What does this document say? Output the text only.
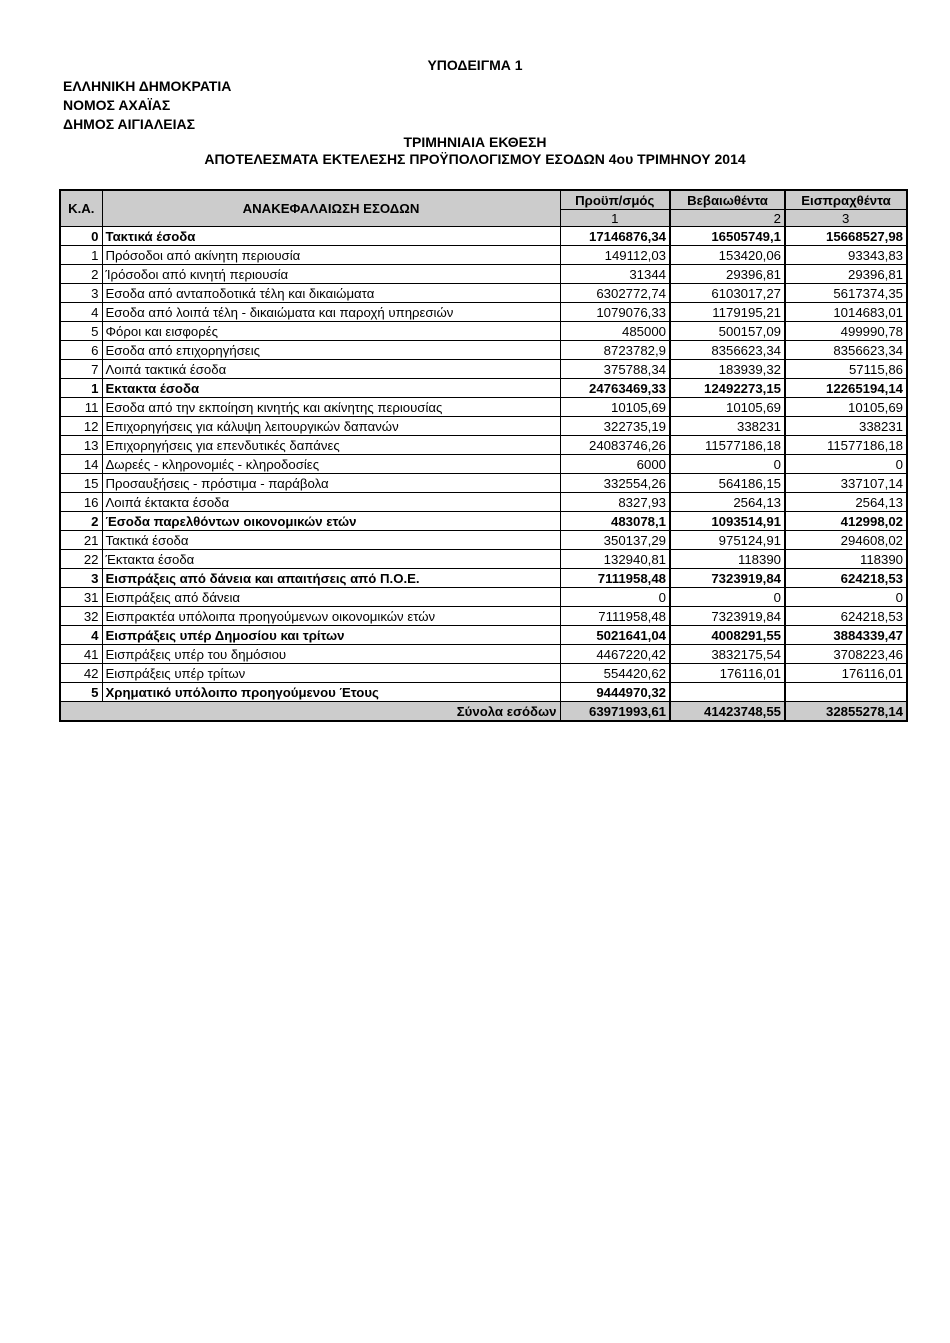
ΥΠΟΔΕΙΓΜΑ 1
ΕΛΛΗΝΙΚΗ ΔΗΜΟΚΡΑΤΙΑ
ΝΟΜΟΣ ΑΧΑΪΑΣ
ΔΗΜΟΣ ΑΙΓΙΑΛΕΙΑΣ
ΤΡΙΜΗΝΙΑΙΑ ΕΚΘΕΣΗ
ΑΠΟΤΕΛΕΣΜΑΤΑ ΕΚΤΕΛΕΣΗΣ ΠΡΟΫΠΟΛΟΓΙΣΜΟΥ ΕΣΟΔΩΝ 4ου ΤΡΙΜΗΝΟΥ 2014
Κ.Α.	ΑΝΑΚΕΦΑΛΑΙΩΣΗ ΕΣΟΔΩΝ	Προϋπ/σμός	Βεβαιωθέντα	Εισπραχθέντα
		1	2	3
0	Τακτικά έσοδα	17146876,34	16505749,1	15668527,98
1	Πρόσοδοι από ακίνητη περιουσία	149112,03	153420,06	93343,83
2	Ίρόσοδοι από κινητή περιουσία	31344	29396,81	29396,81
3	Εσοδα από ανταποδοτικά τέλη και δικαιώματα	6302772,74	6103017,27	5617374,35
4	Εσοδα από λοιπά τέλη - δικαιώματα και παροχή υπηρεσιών	1079076,33	1179195,21	1014683,01
5	Φόροι και εισφορές	485000	500157,09	499990,78
6	Εσοδα από επιχορηγήσεις	8723782,9	8356623,34	8356623,34
7	Λοιπά τακτικά έσοδα	375788,34	183939,32	57115,86
1	Εκτακτα έσοδα	24763469,33	12492273,15	12265194,14
11	Εσοδα από την εκποίηση κινητής και ακίνητης περιουσίας	10105,69	10105,69	10105,69
12	Επιχορηγήσεις για κάλυψη λειτουργικών δαπανών	322735,19	338231	338231
13	Επιχορηγήσεις για επενδυτικές δαπάνες	24083746,26	11577186,18	11577186,18
14	Δωρεές - κληρονομιές - κληροδοσίες	6000	0	0
15	Προσαυξήσεις - πρόστιμα - παράβολα	332554,26	564186,15	337107,14
16	Λοιπά έκτακτα έσοδα	8327,93	2564,13	2564,13
2	Έσοδα παρελθόντων οικονομικών ετών	483078,1	1093514,91	412998,02
21	Τακτικά έσοδα	350137,29	975124,91	294608,02
22	Έκτακτα έσοδα	132940,81	118390	118390
3	Εισπράξεις από δάνεια και απαιτήσεις από Π.Ο.Ε.	7111958,48	7323919,84	624218,53
31	Εισπράξεις από δάνεια	0	0	0
32	Εισπρακτέα υπόλοιπα προηγούμενων οικονομικών ετών	7111958,48	7323919,84	624218,53
4	Εισπράξεις υπέρ Δημοσίου και τρίτων	5021641,04	4008291,55	3884339,47
41	Εισπράξεις υπέρ του δημόσιου	4467220,42	3832175,54	3708223,46
42	Εισπράξεις υπέρ τρίτων	554420,62	176116,01	176116,01
5	Χρηματικό υπόλοιπο προηγούμενου Έτους	9444970,32		
Σύνολα εσόδων		63971993,61	41423748,55	32855278,14
